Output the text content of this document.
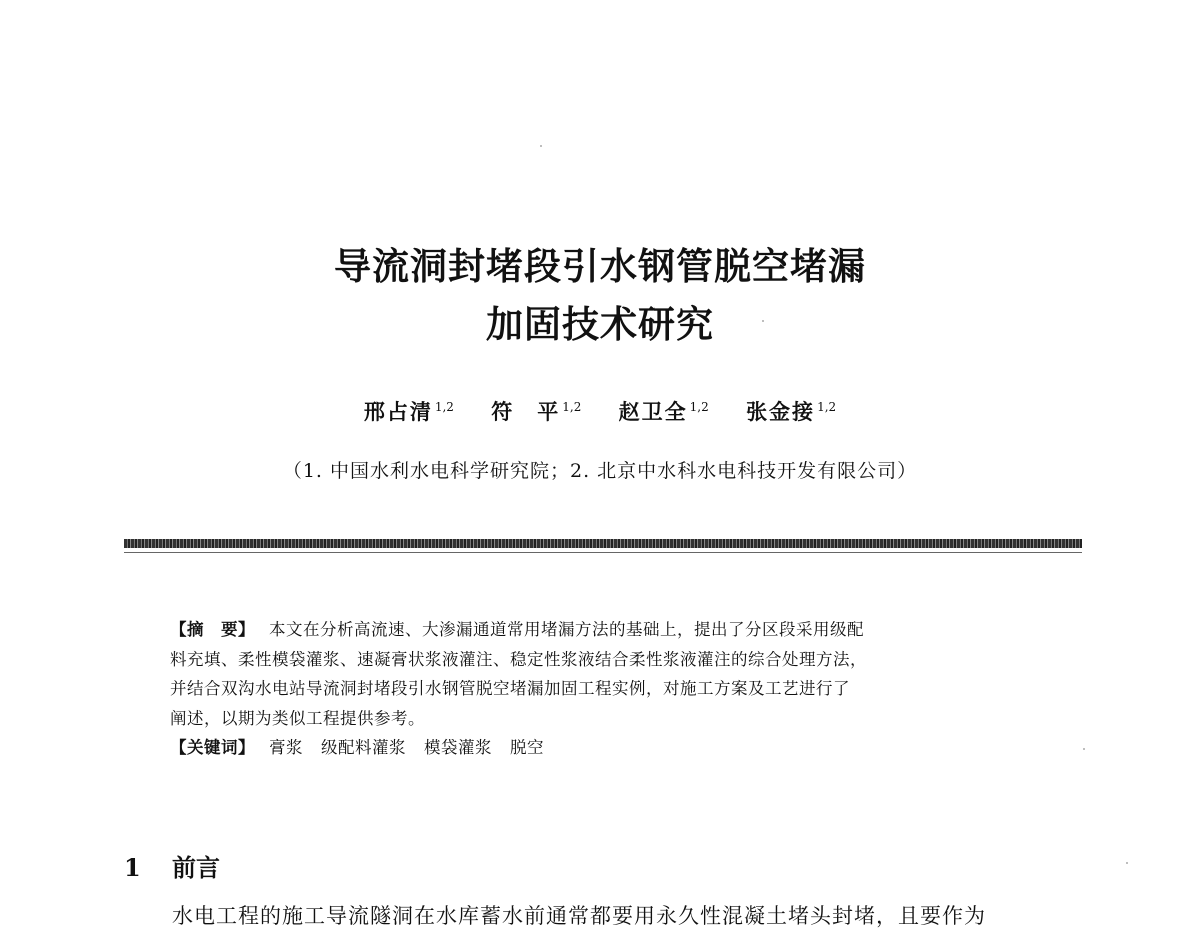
导流洞封堵段引水钢管脱空堵漏
加固技术研究
邢占清 $^{1,2}$ 符　平 $^{1,2}$ 赵卫全 $^{1,2}$ 张金接 $^{1,2}$
（1. 中国水利水电科学研究院；2. 北京中水科水电科技开发有限公司）

【摘　要】 本文在分析高流速、大渗漏通道常用堵漏方法的基础上，提出了分区段采用级配

料充填、柔性模袋灌浆、速凝膏状浆液灌注、稳定性浆液结合柔性浆液灌注的综合处理方法，

并结合双沟水电站导流洞封堵段引水钢管脱空堵漏加固工程实例，对施工方案及工艺进行了

阐述，以期为类似工程提供参考。

【关键词】 膏浆 级配料灌浆 模袋灌浆 脱空

1 前言
水电工程的施工导流隧洞在水库蓄水前通常都要用永久性混凝土堵头封堵，且要作为
